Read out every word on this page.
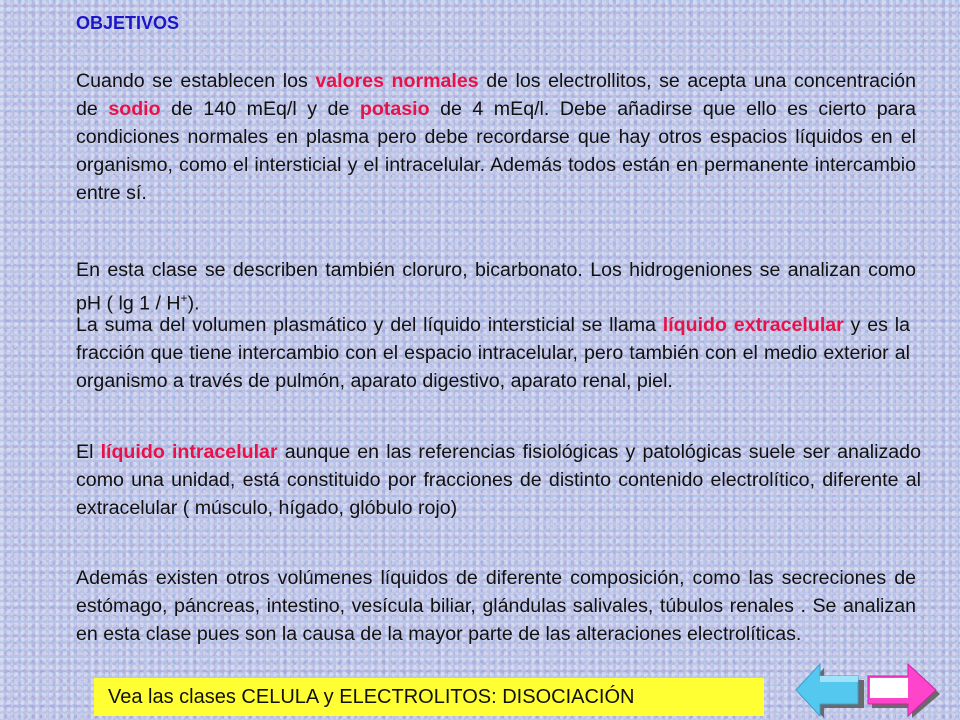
OBJETIVOS

Cuando se establecen los valores normales de los electrollitos, se acepta una concentración de sodio de 140 mEq/l y de potasio de 4 mEq/l. Debe añadirse que ello es cierto para condiciones normales en plasma pero debe recordarse que hay otros espacios líquidos en el organismo, como el intersticial y el intracelular. Además todos están en permanente intercambio entre sí.

En esta clase se describen también cloruro, bicarbonato. Los hidrogeniones se analizan como pH ( lg 1 / H+).

La suma del volumen plasmático y del líquido intersticial se llama líquido extracelular y es la fracción que tiene intercambio con el espacio intracelular, pero también con el medio exterior al organismo a través de pulmón, aparato digestivo, aparato renal, piel.

El líquido intracelular aunque en las referencias fisiológicas y patológicas suele ser analizado como una unidad, está constituido por fracciones de distinto contenido electrolítico, diferente al extracelular ( músculo, hígado, glóbulo rojo)

Además existen otros volúmenes líquidos de diferente composición, como las secreciones de estómago, páncreas, intestino, vesícula biliar, glándulas salivales, túbulos renales . Se analizan en esta clase pues son la causa de la mayor parte de las alteraciones electrolíticas.

Vea las clases CELULA y ELECTROLITOS: DISOCIACIÓN
